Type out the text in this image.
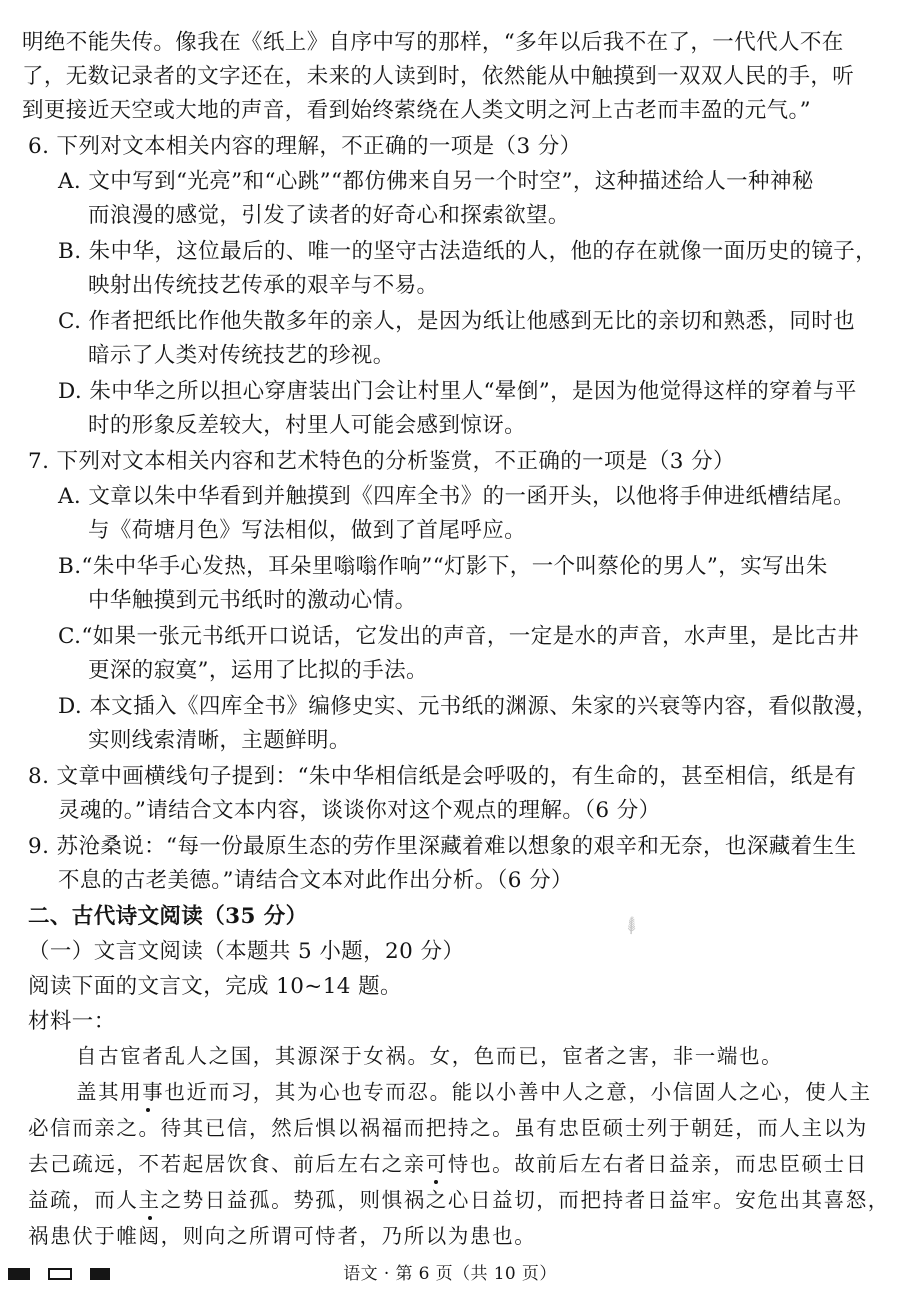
明绝不能失传。像我在《纸上》自序中写的那样，“多年以后我不在了，一代代人不在
了，无数记录者的文字还在，未来的人读到时，依然能从中触摸到一双双人民的手，听
到更接近天空或大地的声音，看到始终萦绕在人类文明之河上古老而丰盈的元气。”
6. 下列对文本相关内容的理解，不正确的一项是（3 分）
A. 文中写到“光亮”和“心跳”“都仿佛来自另一个时空”，这种描述给人一种神秘
而浪漫的感觉，引发了读者的好奇心和探索欲望。
B. 朱中华，这位最后的、唯一的坚守古法造纸的人，他的存在就像一面历史的镜子，
映射出传统技艺传承的艰辛与不易。
C. 作者把纸比作他失散多年的亲人，是因为纸让他感到无比的亲切和熟悉，同时也
暗示了人类对传统技艺的珍视。
D. 朱中华之所以担心穿唐装出门会让村里人“晕倒”，是因为他觉得这样的穿着与平
时的形象反差较大，村里人可能会感到惊讶。
7. 下列对文本相关内容和艺术特色的分析鉴赏，不正确的一项是（3 分）
A. 文章以朱中华看到并触摸到《四库全书》的一函开头，以他将手伸进纸槽结尾。
与《荷塘月色》写法相似，做到了首尾呼应。
B.“朱中华手心发热，耳朵里嗡嗡作响”“灯影下，一个叫蔡伦的男人”，实写出朱
中华触摸到元书纸时的激动心情。
C.“如果一张元书纸开口说话，它发出的声音，一定是水的声音，水声里，是比古井
更深的寂寞”，运用了比拟的手法。
D. 本文插入《四库全书》编修史实、元书纸的渊源、朱家的兴衰等内容，看似散漫，
实则线索清晰，主题鲜明。
8. 文章中画横线句子提到：“朱中华相信纸是会呼吸的，有生命的，甚至相信，纸是有
灵魂的。”请结合文本内容，谈谈你对这个观点的理解。（6 分）
9. 苏沧桑说：“每一份最原生态的劳作里深藏着难以想象的艰辛和无奈，也深藏着生生
不息的古老美德。”请结合文本对此作出分析。（6 分）
二、古代诗文阅读（35 分）	⸙
（一）文言文阅读（本题共 5 小题，20 分）
阅读下面的文言文，完成 10~14 题。
材料一：
自古宦者乱人之国，其源深于女祸。女，色而已，宦者之害，非一端也。
盖其用事也近而习，其为心也专而忍。能以小善中人之意，小信固人之心，使人主
必信而亲之。待其已信，然后惧以祸福而把持之。虽有忠臣硕士列于朝廷，而人主以为
去己疏远，不若起居饮食、前后左右之亲可恃也。故前后左右者日益亲，而忠臣硕士日
益疏，而人主之势日益孤。势孤，则惧祸之心日益切，而把持者日益牢。安危出其喜怒，
祸患伏于帷闼，则向之所谓可恃者，乃所以为患也。
语文 · 第 6 页（共 10 页）
